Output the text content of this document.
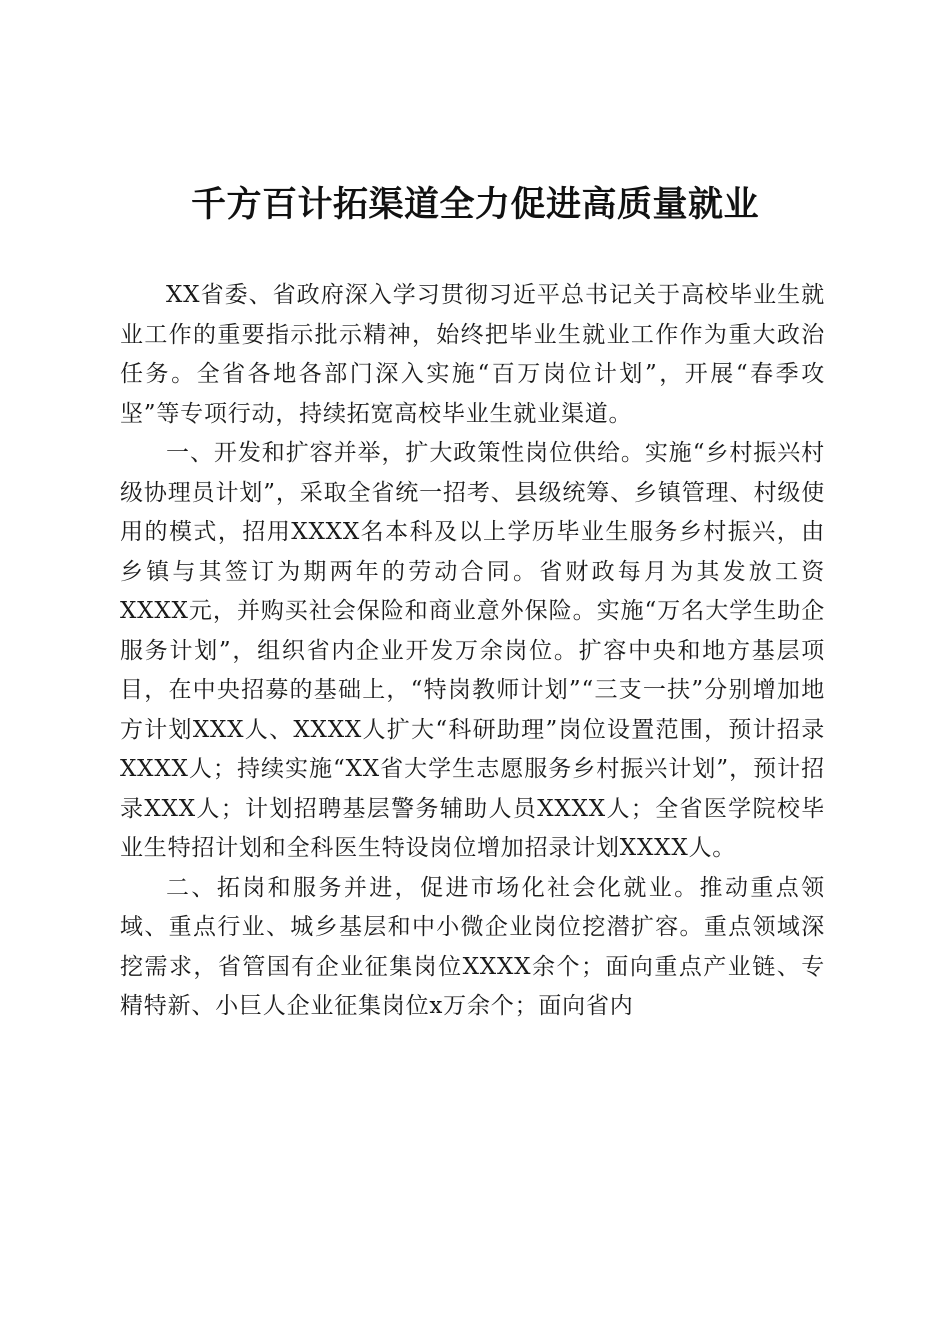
千方百计拓渠道全力促进高质量就业

XX省委、省政府深入学习贯彻习近平总书记关于高校毕业生就业工作的重要指示批示精神，始终把毕业生就业工作作为重大政治任务。全省各地各部门深入实施“百万岗位计划”，开展“春季攻坚”等专项行动，持续拓宽高校毕业生就业渠道。

一、开发和扩容并举，扩大政策性岗位供给。实施“乡村振兴村级协理员计划”，采取全省统一招考、县级统筹、乡镇管理、村级使用的模式，招用XXXX名本科及以上学历毕业生服务乡村振兴，由乡镇与其签订为期两年的劳动合同。省财政每月为其发放工资XXXX元，并购买社会保险和商业意外保险。实施“万名大学生助企服务计划”，组织省内企业开发万余岗位。扩容中央和地方基层项目，在中央招募的基础上，“特岗教师计划”“三支一扶”分别增加地方计划XXX人、XXXX人扩大“科研助理”岗位设置范围，预计招录XXXX人；持续实施“XX省大学生志愿服务乡村振兴计划”，预计招录XXX人；计划招聘基层警务辅助人员XXXX人；全省医学院校毕业生特招计划和全科医生特设岗位增加招录计划XXXX人。

二、拓岗和服务并进，促进市场化社会化就业。推动重点领域、重点行业、城乡基层和中小微企业岗位挖潜扩容。重点领域深挖需求，省管国有企业征集岗位XXXX余个；面向重点产业链、专精特新、小巨人企业征集岗位x万余个；面向省内
